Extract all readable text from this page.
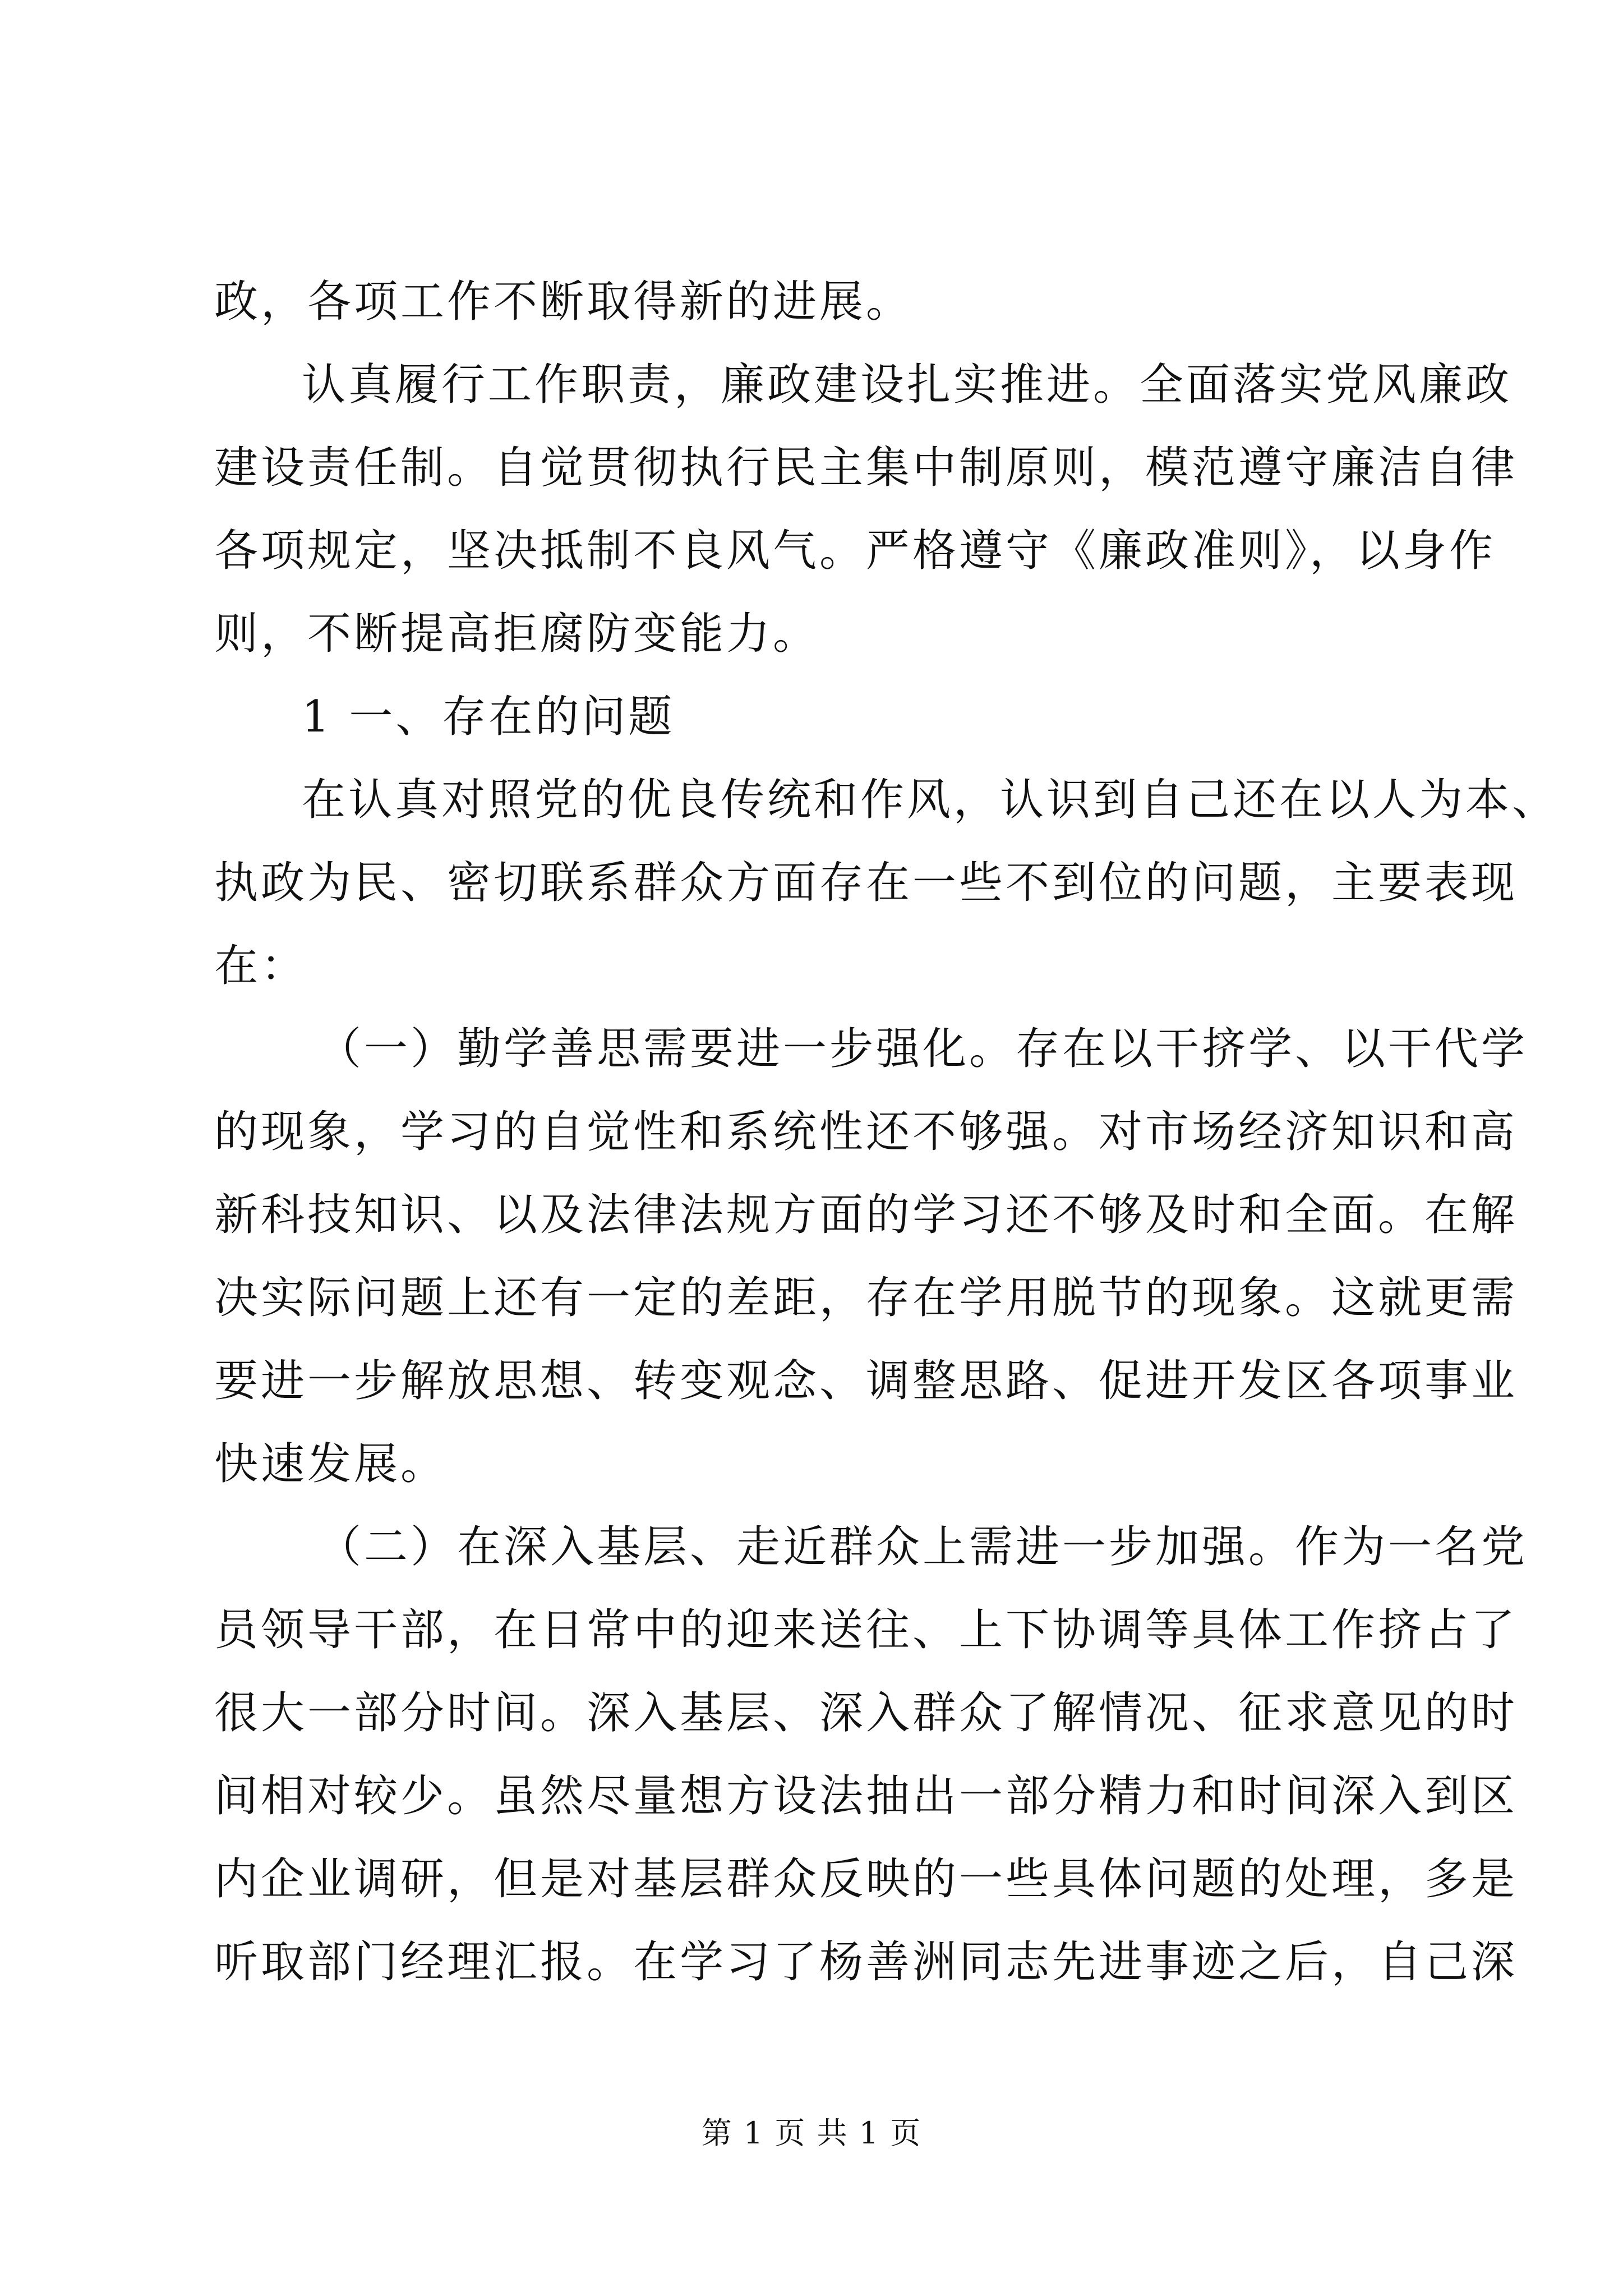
政，各项工作不断取得新的进展。
认真履行工作职责，廉政建设扎实推进。全面落实党风廉政
建设责任制。自觉贯彻执行民主集中制原则，模范遵守廉洁自律
各项规定，坚决抵制不良风气。严格遵守《廉政准则》，以身作
则，不断提高拒腐防变能力。
1 一、存在的问题
在认真对照党的优良传统和作风，认识到自己还在以人为本、
执政为民、密切联系群众方面存在一些不到位的问题，主要表现
在：
（一）勤学善思需要进一步强化。存在以干挤学、以干代学
的现象，学习的自觉性和系统性还不够强。对市场经济知识和高
新科技知识、以及法律法规方面的学习还不够及时和全面。在解
决实际问题上还有一定的差距，存在学用脱节的现象。这就更需
要进一步解放思想、转变观念、调整思路、促进开发区各项事业
快速发展。
（二）在深入基层、走近群众上需进一步加强。作为一名党
员领导干部，在日常中的迎来送往、上下协调等具体工作挤占了
很大一部分时间。深入基层、深入群众了解情况、征求意见的时
间相对较少。虽然尽量想方设法抽出一部分精力和时间深入到区
内企业调研，但是对基层群众反映的一些具体问题的处理，多是
听取部门经理汇报。在学习了杨善洲同志先进事迹之后，自己深
第 1 页 共 1 页
